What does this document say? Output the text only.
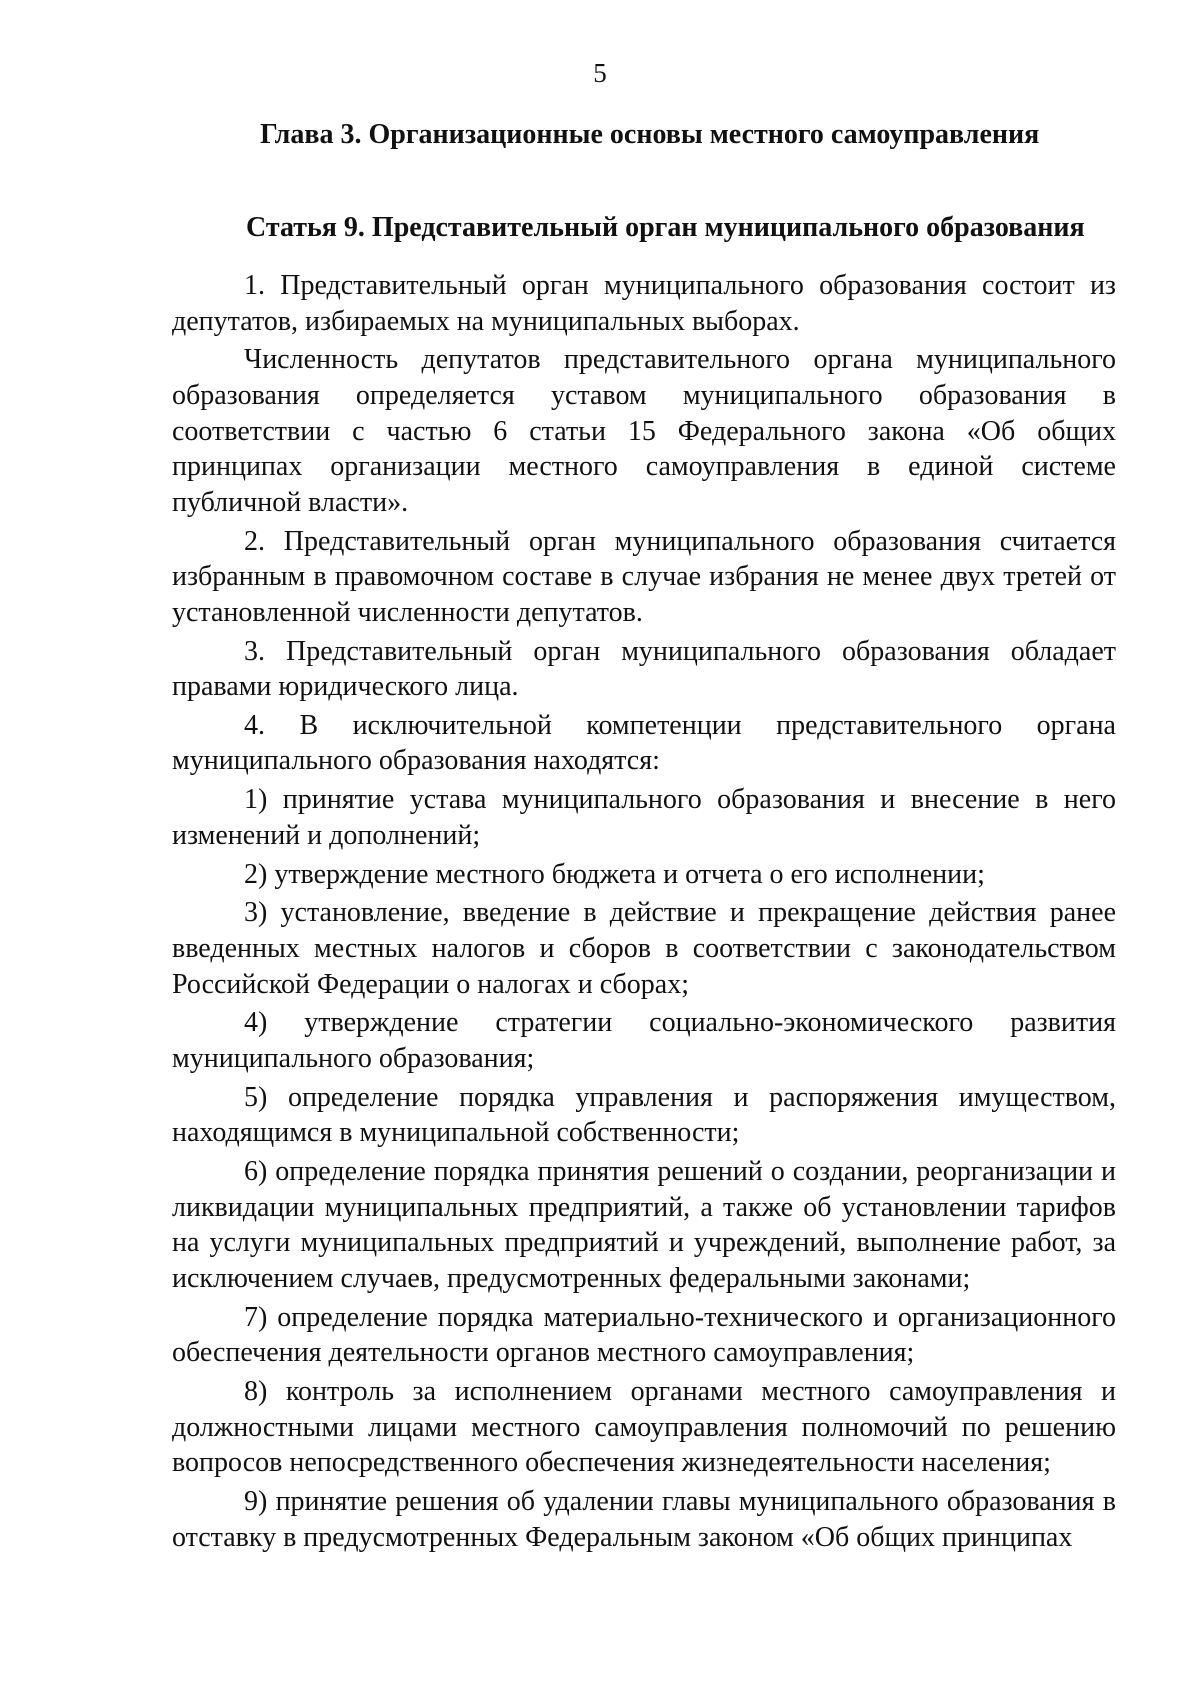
5
Глава 3. Организационные основы местного самоуправления
Статья 9. Представительный орган муниципального образования

1. Представительный орган муниципального образования состоит из депутатов, избираемых на муниципальных выборах.

Численность депутатов представительного органа муниципального образования определяется уставом муниципального образования в соответствии с частью 6 статьи 15 Федерального закона «Об общих принципах организации местного самоуправления в единой системе публичной власти».

2. Представительный орган муниципального образования считается избранным в правомочном составе в случае избрания не менее двух третей от установленной численности депутатов.

3. Представительный орган муниципального образования обладает правами юридического лица.

4. В исключительной компетенции представительного органа муниципального образования находятся:

1) принятие устава муниципального образования и внесение в него изменений и дополнений;

2) утверждение местного бюджета и отчета о его исполнении;

3) установление, введение в действие и прекращение действия ранее введенных местных налогов и сборов в соответствии с законодательством Российской Федерации о налогах и сборах;

4) утверждение стратегии социально-экономического развития муниципального образования;

5) определение порядка управления и распоряжения имуществом, находящимся в муниципальной собственности;

6) определение порядка принятия решений о создании, реорганизации и ликвидации муниципальных предприятий, а также об установлении тарифов на услуги муниципальных предприятий и учреждений, выполнение работ, за исключением случаев, предусмотренных федеральными законами;

7) определение порядка материально-технического и организационного обеспечения деятельности органов местного самоуправления;

8) контроль за исполнением органами местного самоуправления и должностными лицами местного самоуправления полномочий по решению вопросов непосредственного обеспечения жизнедеятельности населения;

9) принятие решения об удалении главы муниципального образования в отставку в предусмотренных Федеральным законом «Об общих принципах
